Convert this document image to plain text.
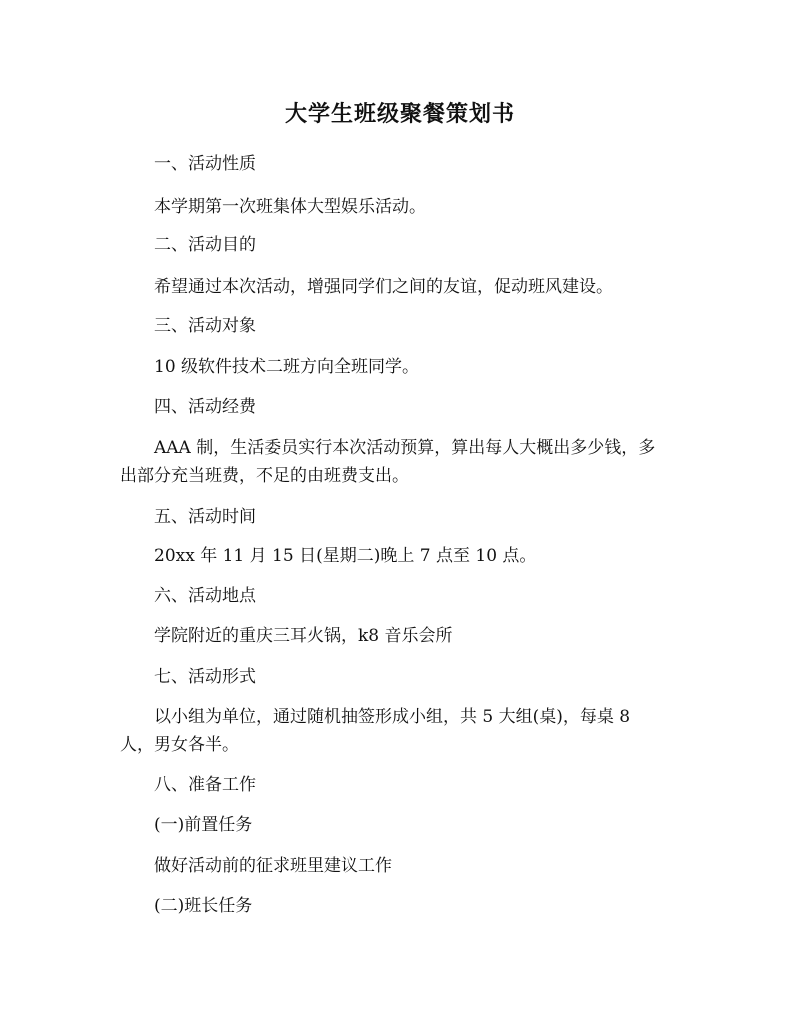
大学生班级聚餐策划书
一、活动性质
本学期第一次班集体大型娱乐活动。
二、活动目的
希望通过本次活动，增强同学们之间的友谊，促动班风建设。
三、活动对象
10 级软件技术二班方向全班同学。
四、活动经费
AAA 制，生活委员实行本次活动预算，算出每人大概出多少钱，多
出部分充当班费，不足的由班费支出。
五、活动时间
20xx 年 11 月 15 日(星期二)晚上 7 点至 10 点。
六、活动地点
学院附近的重庆三耳火锅，k8 音乐会所
七、活动形式
以小组为单位，通过随机抽签形成小组，共 5 大组(桌)，每桌 8
人，男女各半。
八、准备工作
(一)前置任务
做好活动前的征求班里建议工作
(二)班长任务
